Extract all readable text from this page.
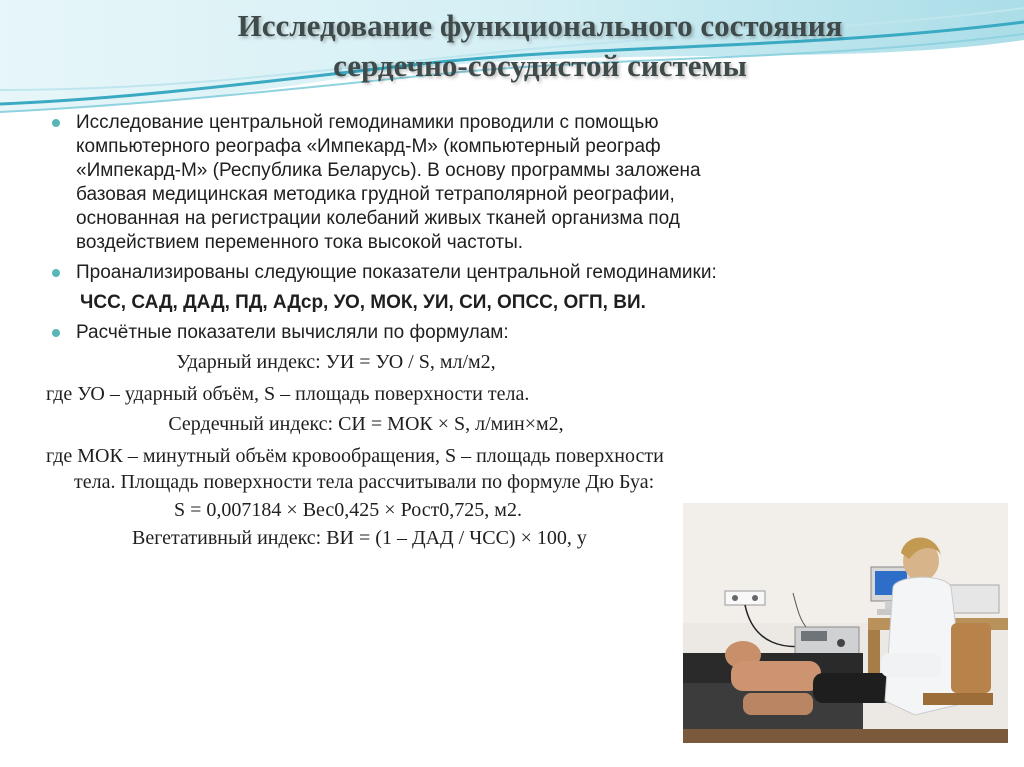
Исследование функционального состояния
сердечно-сосудистой системы
Исследование центральной гемодинамики проводили с помощью
компьютерного реографа «Импекард-М» (компьютерный реограф
«Импекард-М» (Республика Беларусь). В основу программы заложена
базовая медицинская методика грудной тетраполярной реографии,
основанная на регистрации колебаний живых тканей организма под
воздействием переменного тока высокой частоты.
Проанализированы следующие показатели центральной гемодинамики:
ЧСС, САД, ДАД, ПД, АДср, УО, МОК, УИ, СИ, ОПСС, ОГП, ВИ.
Расчётные показатели вычисляли по формулам:
Ударный индекс: УИ = УО / S, мл/м2,
где УО – ударный объём, S – площадь поверхности тела.
Сердечный индекс: СИ = МОК × S, л/мин×м2,
где МОК – минутный объём кровообращения, S – площадь поверхности
тела. Площадь поверхности тела рассчитывали по формуле Дю Буа:
S = 0,007184 × Вес0,425 × Рост0,725, м2.
Вегетативный индекс: ВИ = (1 – ДАД / ЧСС) × 100, у
